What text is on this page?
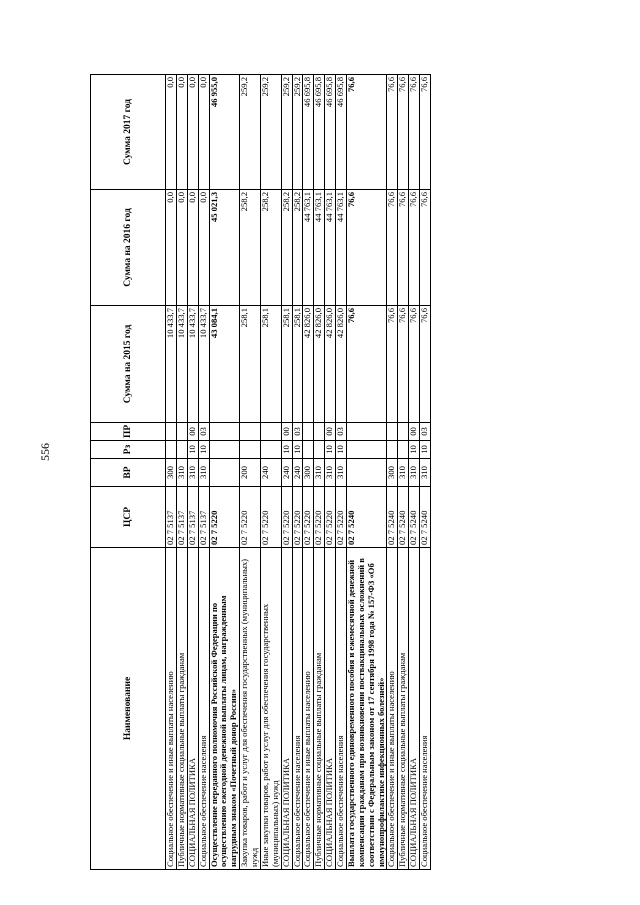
556
Наименование	ЦСР	ВР	Рз	ПР	Сумма на 2015 год	Сумма на 2016 год	Сумма 2017 год
Социальное обеспечение и иные выплаты населению	02 7 5137	300			10 433,7	0,0	0,0
Публичные нормативные социальные выплаты гражданам	02 7 5137	310			10 433,7	0,0	0,0
СОЦИАЛЬНАЯ ПОЛИТИКА	02 7 5137	310	10	00	10 433,7	0,0	0,0
Социальное обеспечение населения	02 7 5137	310	10	03	10 433,7	0,0	0,0
Осуществление переданного полномочия Российской Федерации по осуществлению ежегодной денежной выплаты лицам, награжденным нагрудным знаком «Почетный донор России»	02 7 5220				43 084,1	45 021,3	46 955,0
Закупка товаров, работ и услуг для обеспечения государственных (муниципальных) нужд	02 7 5220	200			258,1	258,2	259,2
Иные закупки товаров, работ и услуг для обеспечения государственных (муниципальных) нужд	02 7 5220	240			258,1	258,2	259,2
СОЦИАЛЬНАЯ ПОЛИТИКА	02 7 5220	240	10	00	258,1	258,2	259,2
Социальное обеспечение населения	02 7 5220	240	10	03	258,1	258,2	259,2
Социальное обеспечение и иные выплаты населению	02 7 5220	300			42 826,0	44 763,1	46 695,8
Публичные нормативные социальные выплаты гражданам	02 7 5220	310			42 826,0	44 763,1	46 695,8
СОЦИАЛЬНАЯ ПОЛИТИКА	02 7 5220	310	10	00	42 826,0	44 763,1	46 695,8
Социальное обеспечение населения	02 7 5220	310	10	03	42 826,0	44 763,1	46 695,8
Выплата государственного единовременного пособия и ежемесячной денежной компенсации гражданам при возникновении поствакцинальных осложнений в соответствии с Федеральным законом от 17 сентября 1998 года № 157-ФЗ «Об иммунопрофилактике инфекционных болезней»	02 7 5240				76,6	76,6	76,6
Социальное обеспечение и иные выплаты населению	02 7 5240	300			76,6	76,6	76,6
Публичные нормативные социальные выплаты гражданам	02 7 5240	310			76,6	76,6	76,6
СОЦИАЛЬНАЯ ПОЛИТИКА	02 7 5240	310	10	00	76,6	76,6	76,6
Социальное обеспечение населения	02 7 5240	310	10	03	76,6	76,6	76,6
